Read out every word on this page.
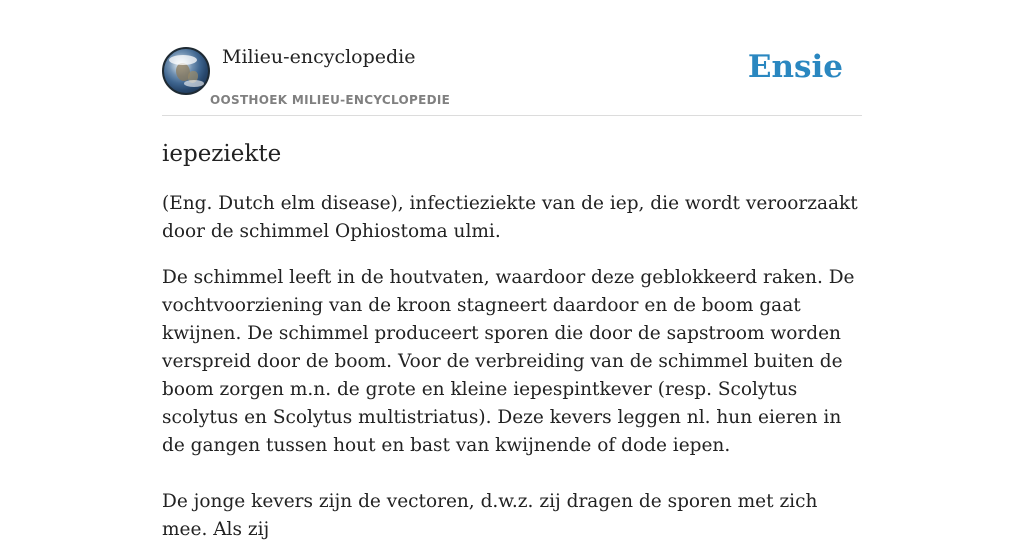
Milieu-encyclopedie
OOSTHOEK MILIEU-ENCYCLOPEDIE
Ensie
iepeziekte

(Eng. Dutch elm disease), infectieziekte van de iep, die wordt veroorzaakt door de schimmel Ophiostoma ulmi.

De schimmel leeft in de houtvaten, waardoor deze geblokkeerd raken. De vochtvoorziening van de kroon stagneert daardoor en de boom gaat kwijnen. De schimmel produceert sporen die door de sapstroom worden verspreid door de boom. Voor de verbreiding van de schimmel buiten de boom zorgen m.n. de grote en kleine iepespintkever (resp. Scolytus scolytus en Scolytus multistriatus). Deze kevers leggen nl. hun eieren in de gangen tussen hout en bast van kwijnende of dode iepen.

De jonge kevers zijn de vectoren, d.w.z. zij dragen de sporen met zich mee. Als zij
